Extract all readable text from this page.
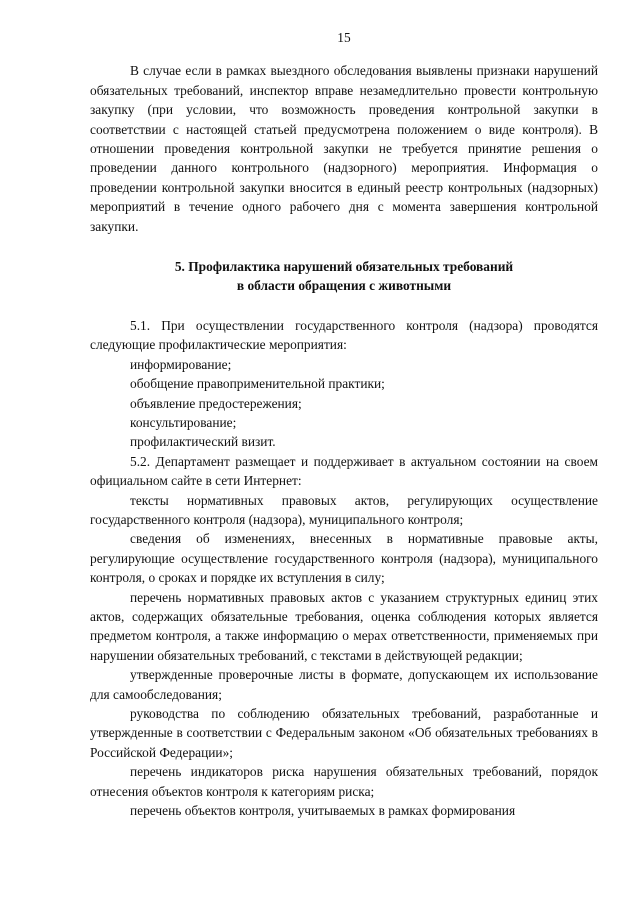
15

В случае если в рамках выездного обследования выявлены признаки нарушений обязательных требований, инспектор вправе незамедлительно провести контрольную закупку (при условии, что возможность проведения контрольной закупки в соответствии с настоящей статьей предусмотрена положением о виде контроля). В отношении проведения контрольной закупки не требуется принятие решения о проведении данного контрольного (надзорного) мероприятия. Информация о проведении контрольной закупки вносится в единый реестр контрольных (надзорных) мероприятий в течение одного рабочего дня с момента завершения контрольной закупки.

5. Профилактика нарушений обязательных требований
в области обращения с животными

5.1. При осуществлении государственного контроля (надзора) проводятся следующие профилактические мероприятия:

информирование;

обобщение правоприменительной практики;

объявление предостережения;

консультирование;

профилактический визит.

5.2. Департамент размещает и поддерживает в актуальном состоянии на своем официальном сайте в сети Интернет:

тексты нормативных правовых актов, регулирующих осуществление государственного контроля (надзора), муниципального контроля;

сведения об изменениях, внесенных в нормативные правовые акты, регулирующие осуществление государственного контроля (надзора), муниципального контроля, о сроках и порядке их вступления в силу;

перечень нормативных правовых актов с указанием структурных единиц этих актов, содержащих обязательные требования, оценка соблюдения которых является предметом контроля, а также информацию о мерах ответственности, применяемых при нарушении обязательных требований, с текстами в действующей редакции;

утвержденные проверочные листы в формате, допускающем их использование для самообследования;

руководства по соблюдению обязательных требований, разработанные и утвержденные в соответствии с Федеральным законом «Об обязательных требованиях в Российской Федерации»;

перечень индикаторов риска нарушения обязательных требований, порядок отнесения объектов контроля к категориям риска;

перечень объектов контроля, учитываемых в рамках формирования
